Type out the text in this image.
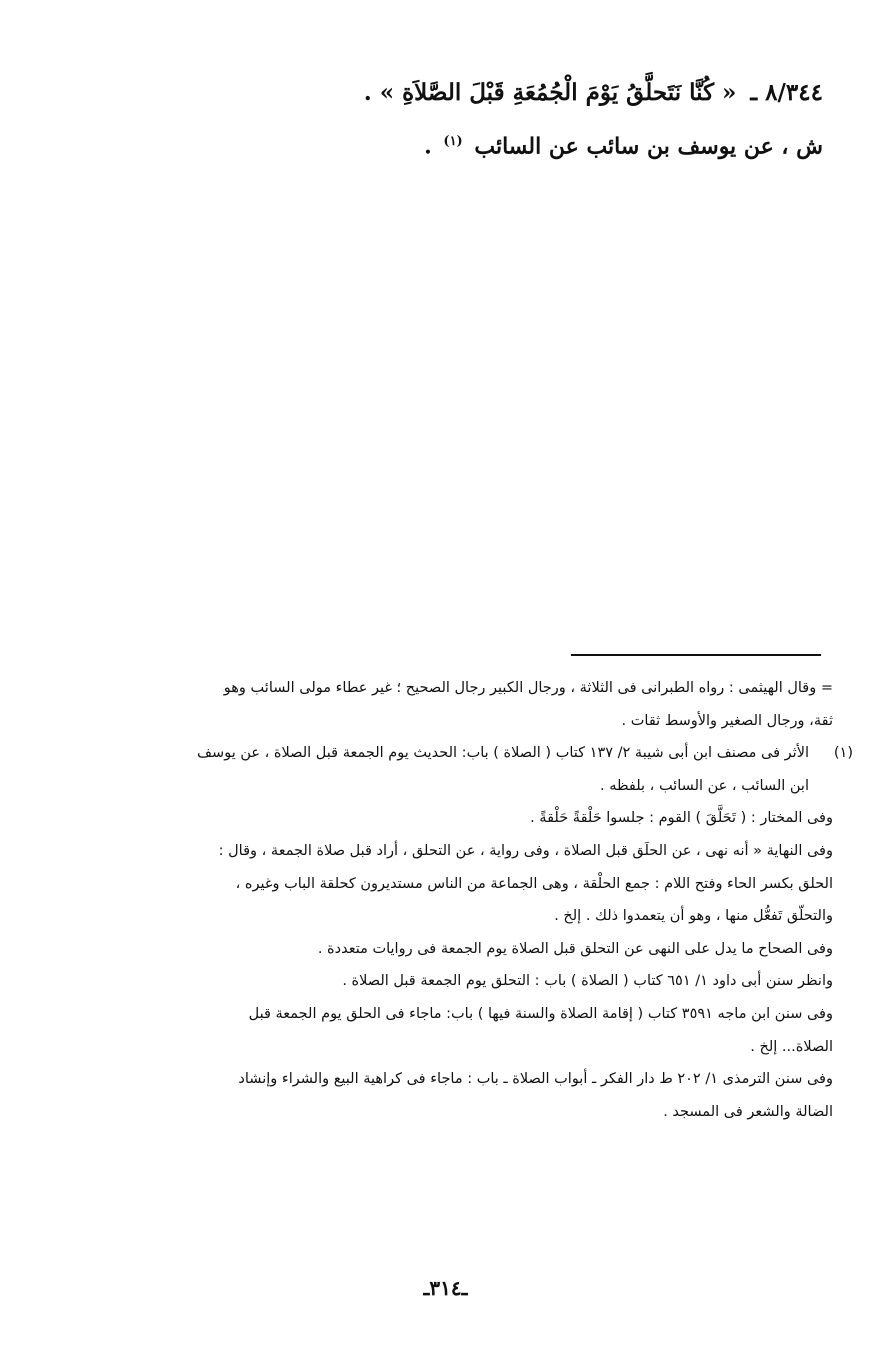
٨/٣٤٤ ـ « كُنَّا نَتَحلَّقُ يَوْمَ الْجُمُعَةِ قَبْلَ الصَّلاَةِ » .
ش ، عن يوسف بن سائب عن السائب $^{(١)}$ .

= وقال الهيثمى : رواه الطبرانى فى الثلاثة ، ورجال الكبير رجال الصحيح ؛ غير عطاء مولى السائب وهو
ثقة، ورجال الصغير والأوسط ثقات .

(١)
الأثر فى مصنف ابن أبى شيبة ٢/ ١٣٧ كتاب ( الصلاة ) باب: الحديث يوم الجمعة قبل الصلاة ، عن يوسف
ابن السائب ، عن السائب ، بلفظه .

وفى المختار : ( تَحَلَّقَ ) القوم : جلسوا حَلْقةً حَلْقةً .

وفى النهاية « أنه نهى ، عن الحلَق قبل الصلاة ، وفى رواية ، عن التحلق ، أراد قبل صلاة الجمعة ، وقال :
الحلق بكسر الحاء وفتح اللام : جمع الحلْقة ، وهى الجماعة من الناس مستديرون كحلقة الباب وغيره ،
والتحلّق تَفعُّل منها ، وهو أن يتعمدوا ذلك . إلخ .

وفى الصحاح ما يدل على النهى عن التحلق قبل الصلاة يوم الجمعة فى روايات متعددة .

وانظر سنن أبى داود ١/ ٦٥١ كتاب ( الصلاة ) باب : التحلق يوم الجمعة قبل الصلاة .

وفى سنن ابن ماجه ٣٥٩١ كتاب ( إقامة الصلاة والسنة فيها ) باب: ماجاء فى الحلق يوم الجمعة قبل
الصلاة... إلخ .

وفى سنن الترمذى ١/ ٢٠٢ ط دار الفكر ـ أبواب الصلاة ـ باب : ماجاء فى كراهية البيع والشراء وإنشاد
الضالة والشعر فى المسجد .

ـ٣١٤ـ
